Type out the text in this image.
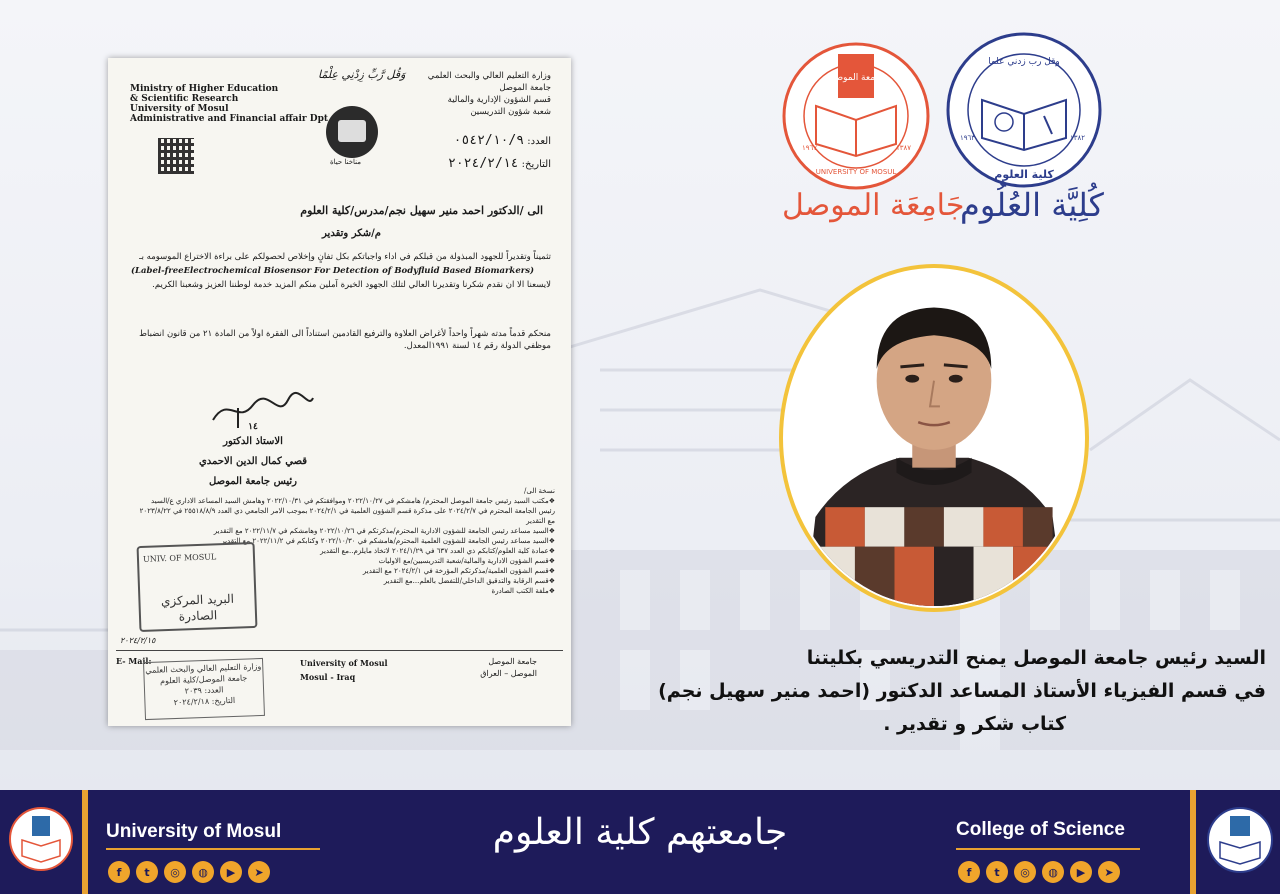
Ministry of Higher Education
& Scientific Research
University of Mosul
Administrative and Financial affair Dpt
وَقُل رَّبِّ زِدْنِي عِلْمًا
مناخنا حياة
وزارة التعليم العالي والبحث العلمي
جامعة الموصل
قسم الشؤون الإدارية والمالية
شعبة شؤون التدريسين
العدد: ٠٥٤٢/١٠/٩
التاريخ: ٢٠٢٤/٢/١٤
الى /الدكتور احمد منير سهيل نجم/مدرس/كلية العلوم
م/شكر وتقدير
تثميناً وتقديراً للجهود المبذولة من قبلكم في اداء واجباتكم بكل تفانٍ وإخلاص لحصولكم على براءة الاختراع الموسومه بـ
(Label-freeElectrochemical Biosensor For Detection of Bodyfluid Based Biomarkers)
لايسعنا الا ان نقدم شكرنا وتقديرنا العالي لتلك الجهود الخيرة آملين منكم المزيد خدمة لوطننا العزيز وشعبنا الكريم.
منحكم قدماً مدته شهراً واحداً لأغراض العلاوة والترفيع القادمين استناداً الى الفقرة اولاً من المادة ٢١ من قانون انضباط موظفي الدولة رقم ١٤ لسنة ١٩٩١المعدل.
١٤
الاستاذ الدكتور
قصي كمال الدين الاحمدي
رئيس جامعة الموصل
نسخة الى/
❖ مكتب السيد رئيس جامعة الموصل المحترم/ هامشكم في ٢٠٢٢/١٠/٢٧ وموافقتكم في ٢٠٢٢/١٠/٣١ وهامش السيد المساعد الاداري ع/السيد رئيس الجامعة المحترم في ٢٠٢٤/٢/٧ على مذكرة قسم الشؤون العلمية في ٢٠٢٤/٢/١ بموجب الامر الجامعي ذي العدد ٢٥٥١٨/٨/٩ في ٢٠٢٣/٨/٢٢ مع التقدير
❖ السيد مساعد رئيس الجامعة للشؤون الادارية المحترم/مذكرتكم في ٢٠٢٢/١٠/٢٦ وهامشكم في ٢٠٢٢/١١/٧ مع التقدير
❖ السيد مساعد رئيس الجامعة للشؤون العلمية المحترم/هامشكم في ٢٠٢٢/١٠/٣٠ وكتابكم في ٢٠٢٢/١١/٢ مع التقدير
❖ عمادة كلية العلوم/كتابكم ذي العدد ٦٣٧ في ٢٠٢٤/١/٢٩ لاتخاذ مايلزم..مع التقدير
❖ قسم الشؤون الادارية والمالية/شعبة التدريسيين/مع الاوليات
❖ قسم الشؤون العلمية/مذكرتكم المؤرخة في ٢٠٢٤/٢/١ مع التقدير
❖ قسم الرقابة والتدقيق الداخلي/للتفضل بالعلم...مع التقدير
❖ ملفة الكتب الصادرة
UNIV. OF MOSUL
البريد المركزي
الصادرة
٢٠٢٤/٢/١٥
E- Mail:
وزارة التعليم العالي والبحث العلمي
جامعة الموصل/كلية العلوم
العدد: ٢٠٣٩
التاريخ: ٢٠٢٤/٢/١٨
University of Mosul
Mosul - Iraq
جامعة الموصل
الموصل – العراق
جامعة الموصل
UNIVERSITY OF MOSUL
١٩٦٧	١٣٨٧
وقل رب زدني علما
كلية العلوم
١٩٦٣	١٣٨٢
جَامِعَة الموصل
كُلِيَّة العُلُوم
السيد رئيس جامعة الموصل يمنح التدريسي بكليتنا
في قسم الفيزياء الأستاذ المساعد الدكتور (احمد منير سهيل نجم)
كتاب شكر و تقدير .
University of Mosul
f	t	◎	◍	▶	➤
جامعتهم كلية العلوم	College of Science
f	t	◎	◍	▶	➤
